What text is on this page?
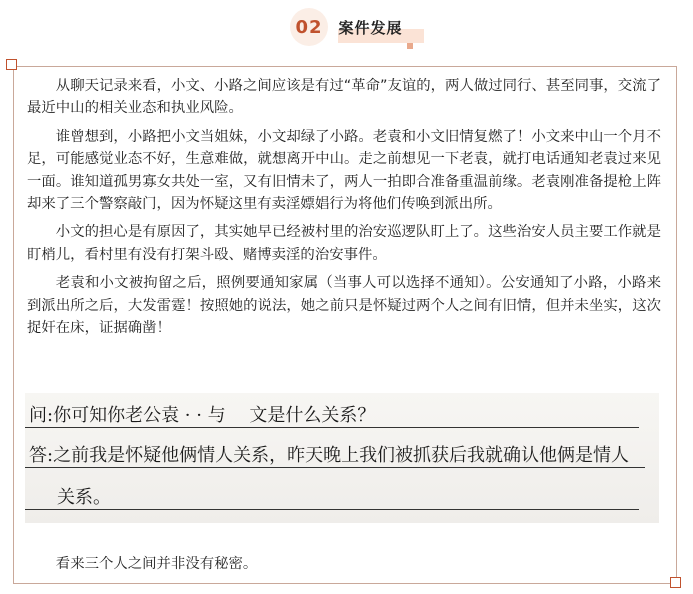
02 案件发展

从聊天记录来看，小文、小路之间应该是有过“革命”友谊的，两人做过同行、甚至同事，交流了最近中山的相关业态和执业风险。

谁曾想到，小路把小文当姐妹，小文却绿了小路。老袁和小文旧情复燃了！小文来中山一个月不足，可能感觉业态不好，生意难做，就想离开中山。走之前想见一下老袁，就打电话通知老袁过来见一面。谁知道孤男寡女共处一室，又有旧情未了，两人一拍即合准备重温前缘。老袁刚准备提枪上阵却来了三个警察敲门，因为怀疑这里有卖淫嫖娼行为将他们传唤到派出所。

小文的担心是有原因了，其实她早已经被村里的治安巡逻队盯上了。这些治安人员主要工作就是盯梢儿，看村里有没有打架斗殴、赌博卖淫的治安事件。

老袁和小文被拘留之后，照例要通知家属（当事人可以选择不通知）。公安通知了小路，小路来到派出所之后，大发雷霆！按照她的说法，她之前只是怀疑过两个人之间有旧情，但并未坐实，这次捉奸在床，证据确凿！

问:你可知你老公袁 · · 与　 文是什么关系？
答:之前我是怀疑他俩情人关系，昨天晚上我们被抓获后我就确认他俩是情人
关系。

看来三个人之间并非没有秘密。
